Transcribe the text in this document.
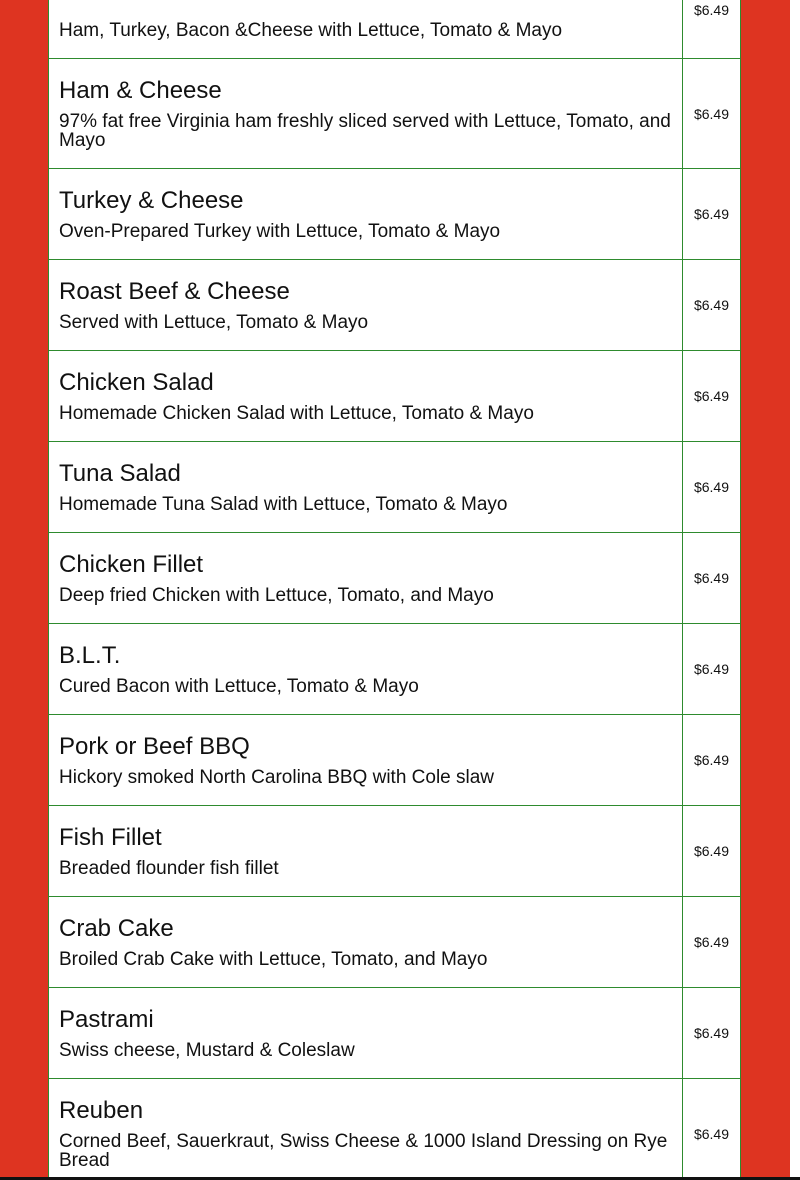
Ham, Turkey, Bacon &Cheese with Lettuce, Tomato & Mayo	$6.49

Ham & Cheese
97% fat free Virginia ham freshly sliced served with Lettuce, Tomato, and Mayo	$6.49

Turkey & Cheese
Oven-Prepared Turkey with Lettuce, Tomato & Mayo	$6.49

Roast Beef & Cheese
Served with Lettuce, Tomato & Mayo	$6.49

Chicken Salad
Homemade Chicken Salad with Lettuce, Tomato & Mayo	$6.49

Tuna Salad
Homemade Tuna Salad with Lettuce, Tomato & Mayo	$6.49

Chicken Fillet
Deep fried Chicken with Lettuce, Tomato, and Mayo	$6.49

B.L.T.
Cured Bacon with Lettuce, Tomato & Mayo	$6.49

Pork or Beef BBQ
Hickory smoked North Carolina BBQ with Cole slaw	$6.49

Fish Fillet
Breaded flounder fish fillet	$6.49

Crab Cake
Broiled Crab Cake with Lettuce, Tomato, and Mayo	$6.49

Pastrami
Swiss cheese, Mustard & Coleslaw	$6.49

Reuben
Corned Beef, Sauerkraut, Swiss Cheese & 1000 Island Dressing on Rye Bread	$6.49
